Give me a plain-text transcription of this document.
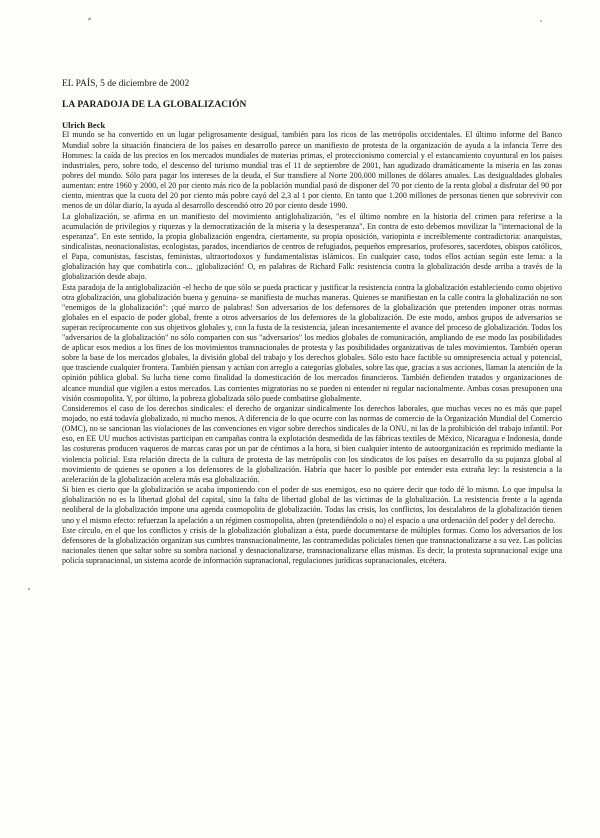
EL PAÍS, 5 de diciembre de 2002

LA PARADOJA DE LA GLOBALIZACIÓN

Ulrich Beck

El mundo se ha convertido en un lugar peligrosamente desigual, también para los ricos de las metrópolis occidentales. El último informe del Banco Mundial sobre la situación financiera de los países en desarrollo parece un manifiesto de protesta de la organización de ayuda a la infancia Terre des Hommes: la caída de los precios en los mercados mundiales de materias primas, el proteccionismo comercial y el estancamiento coyuntural en los países industriales, pero, sobre todo, el descenso del turismo mundial tras el 11 de septiembre de 2001, han agudizado dramáticamente la miseria en las zonas pobres del mundo. Sólo para pagar los intereses de la deuda, el Sur transfiere al Norte 200.000 millones de dólares anuales. Las desigualdades globales aumentan: entre 1960 y 2000, el 20 por ciento más rico de la población mundial pasó de disponer del 70 por ciento de la renta global a disfrutar del 90 por ciento, mientras que la cuota del 20 por ciento más pobre cayó del 2,3 al 1 por ciento. En tanto que 1.200 millones de personas tienen que sobrevivir con menos de un dólar diario, la ayuda al desarrollo descendió otro 20 por ciento desde 1990.

La globalización, se afirma en un manifiesto del movimiento antiglobalización, "es el último nombre en la historia del crimen para referirse a la acumulación de privilegios y riquezas y la democratización de la miseria y la desesperanza". En contra de esto debemos movilizar la "internacional de la esperanza". En este sentido, la propia globalización engendra, ciertamente, su propia oposición, variopinta e increíblemente contradictoria: anarquistas, sindicalistas, neonacionalistas, ecologistas, parados, incendiarios de centros de refugiados, pequeños empresarios, profesores, sacerdotes, obispos católicos, el Papa, comunistas, fascistas, feministas, ultraortodoxos y fundamentalistas islámicos. En cualquier caso, todos ellos actúan según este lema: a la globalización hay que combatirla con... ¡globalización! O, en palabras de Richard Falk: resistencia contra la globalización desde arriba a través de la globalización desde abajo.

Esta paradoja de la antiglobalización -el hecho de que sólo se pueda practicar y justificar la resistencia contra la globalización estableciendo como objetivo otra globalización, una globalización buena y genuina- se manifiesta de muchas maneras. Quienes se manifiestan en la calle contra la globalización no son "enemigos de la globalización": ¡qué marco de palabras! Son adversarios de los defensores de la globalización que pretenden imponer otras normas globales en el espacio de poder global, frente a otros adversarios de los defensores de la globalización. De este modo, ambos grupos de adversarios se superan recíprocamente con sus objetivos globales y, con la fusta de la resistencia, jalean incesantemente el avance del proceso de globalización. Todos los "adversarios de la globalización" no sólo comparten con sus "adversarios" los medios globales de comunicación, ampliando de ese modo las posibilidades de aplicar esos medios a los fines de los movimientos transnacionales de protesta y las posibilidades organizativas de tales movimientos. También operan sobre la base de los mercados globales, la división global del trabajo y los derechos globales. Sólo esto hace factible su omnipresencia actual y potencial, que trasciende cualquier frontera. También piensan y actúan con arreglo a categorías globales, sobre las que, gracias a sus acciones, llaman la atención de la opinión pública global. Su lucha tiene como finalidad la domesticación de los mercados financieros. También defienden tratados y organizaciones de alcance mundial que vigilen a estos mercados. Las corrientes migratorias no se pueden ni entender ni regular nacionalmente. Ambas cosas presuponen una visión cosmopolita. Y, por último, la pobreza globalizada sólo puede combatirse globalmente.

Consideremos el caso de los derechos sindicales: el derecho de organizar sindicalmente los derechos laborales, que muchas veces no es más que papel mojado, no está todavía globalizado, ni mucho menos. A diferencia de lo que ocurre con las normas de comercio de la Organización Mundial del Comercio (OMC), no se sancionan las violaciones de las convenciones en vigor sobre derechos sindicales de la ONU, ni las de la prohibición del trabajo infantil. Por eso, en EE UU muchos activistas participan en campañas contra la explotación desmedida de las fábricas textiles de México, Nicaragua e Indonesia, donde las costureras producen vaqueros de marcas caras por un par de céntimos a la hora, si bien cualquier intento de autoorganización es reprimido mediante la violencia policial. Esta relación directa de la cultura de protesta de las metrópolis con los sindicatos de los países en desarrollo da su pujanza global al movimiento de quienes se oponen a los defensores de la globalización. Habría que hacer lo posible por entender esta extraña ley: la resistencia a la aceleración de la globalización acelera más esa globalización.

Si bien es cierto que la globalización se acaba imponiendo con el poder de sus enemigos, eso no quiere decir que todo dé lo mismo. Lo que impulsa la globalización no es la libertad global del capital, sino la falta de libertad global de las víctimas de la globalización. La resistencia frente a la agenda neoliberal de la globalización impone una agenda cosmopolita de globalización. Todas las crisis, los conflictos, los descalabros de la globalización tienen uno y el mismo efecto: refuerzan la apelación a un régimen cosmopolita, abren (pretendiéndolo o no) el espacio a una ordenación del poder y del derecho.

Este círculo, en el que los conflictos y crisis de la globalización globalizan a ésta, puede documentarse de múltiples formas. Como los adversarios de los defensores de la globalización organizan sus cumbres transnacionalmente, las contramedidas policiales tienen que transnacionalizarse a su vez. Las policías nacionales tienen que saltar sobre su sombra nacional y desnacionalizarse, transnacionalizarse ellas mismas. Es decir, la protesta supranacional exige una policía supranacional, un sistema acorde de información supranacional, regulaciones jurídicas supranacionales, etcétera.
